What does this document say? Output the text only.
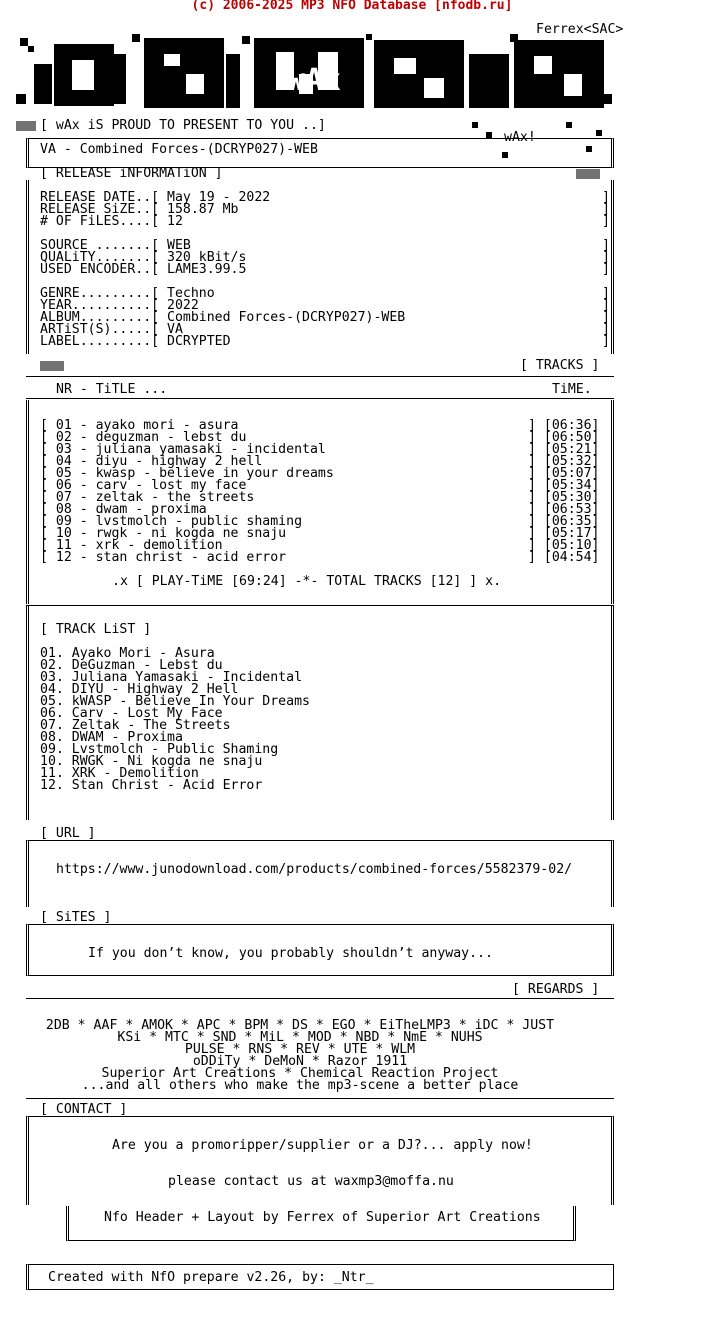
(c) 2006-2025 MP3 NFO Database [nfodb.ru]
Ferrex<SAC>
wAx
[ wAx iS PROUD TO PRESENT TO YOU ..]
wAx!
VA - Combined Forces-(DCRYP027)-WEB
[ RELEASE iNFORMATiON ]
RELEASE DATE..[ May 19 - 2022
RELEASE SiZE..[ 158.87 Mb
# OF FiLES....[ 12
SOURCE .......[ WEB
QUALiTY.......[ 320 kBit/s
USED ENCODER..[ LAME3.99.5
GENRE.........[ Techno
YEAR..........[ 2022
ALBUM.........[ Combined Forces-(DCRYP027)-WEB
ARTiST(S).....[ VA
LABEL.........[ DCRYPTED
]
]
]
]
]
]
]
]
]
]
]
[ TRACKS ]
NR - TiTLE ...	TiME.
[ 01 - ayako mori - asura	] [06:36]
[ 02 - deguzman - lebst du	] [06:50]
[ 03 - juliana yamasaki - incidental	] [05:21]
[ 04 - diyu - highway 2 hell	] [05:32]
[ 05 - kwasp - believe in your dreams	] [05:07]
[ 06 - carv - lost my face	] [05:34]
[ 07 - zeltak - the streets	] [05:30]
[ 08 - dwam - proxima	] [06:53]
[ 09 - lvstmolch - public shaming	] [06:35]
[ 10 - rwgk - ni kogda ne snaju	] [05:17]
[ 11 - xrk - demolition	] [05:10]
[ 12 - stan christ - acid error	] [04:54]
.x [ PLAY-TiME [69:24] -*- TOTAL TRACKS [12] ] x.
[ TRACK LiST ]
01. Ayako Mori - Asura
02. DeGuzman - Lebst du
03. Juliana Yamasaki - Incidental
04. DIYU - Highway 2 Hell
05. kWASP - Believe In Your Dreams
06. Carv - Lost My Face
07. Zeltak - The Streets
08. DWAM - Proxima
09. Lvstmolch - Public Shaming
10. RWGK - Ni kogda ne snaju
11. XRK - Demolition
12. Stan Christ - Acid Error
[ URL ]
https://www.junodownload.com/products/combined-forces/5582379-02/
[ SiTES ]
If you don’t know, you probably shouldn’t anyway...
[ REGARDS ]
2DB * AAF * AMOK * APC * BPM * DS * EGO * EiTheLMP3 * iDC * JUST
KSi * MTC * SND * MiL * MOD * NBD * NmE * NUHS
PULSE * RNS * REV * UTE * WLM
oDDiTy * DeMoN * Razor 1911
Superior Art Creations * Chemical Reaction Project
...and all others who make the mp3-scene a better place
[ CONTACT ]
Are you a promoripper/supplier or a DJ?... apply now!
please contact us at waxmp3@moffa.nu
Nfo Header + Layout by Ferrex of Superior Art Creations
Created with NfO prepare v2.26, by: _Ntr_
